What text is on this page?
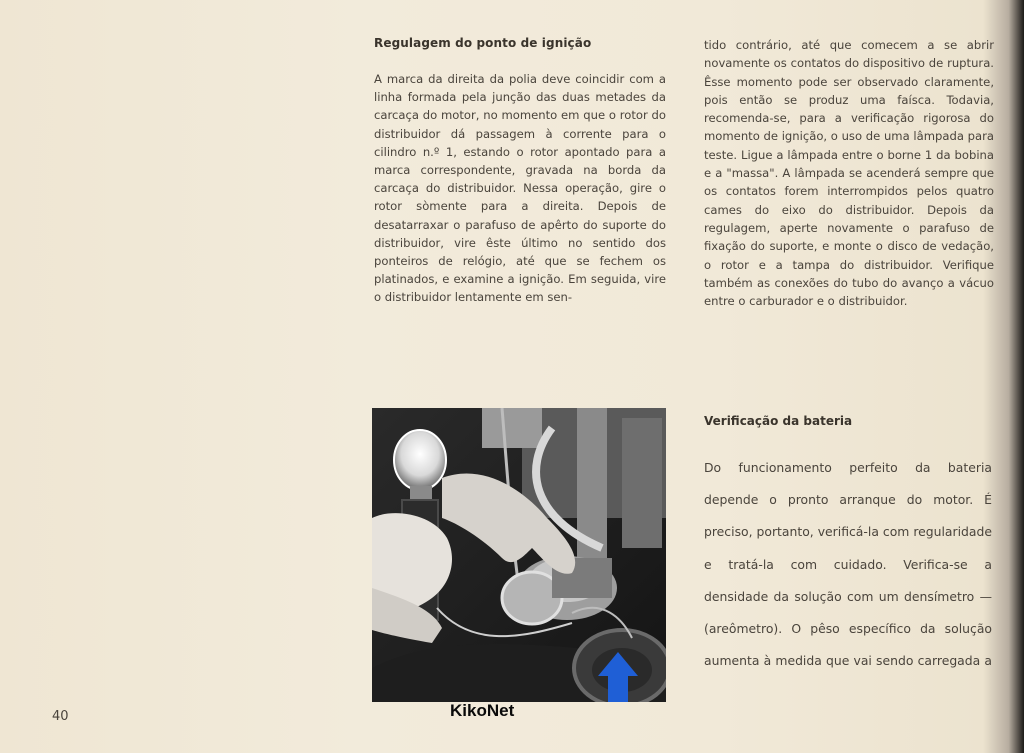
Regulagem do ponto de ignição

A marca da direita da polia deve coincidir com a linha formada pela junção das duas metades da carcaça do motor, no momento em que o rotor do distribuidor dá passagem à corrente para o cilindro n.º 1, estando o rotor apontado para a marca correspondente, gravada na borda da carcaça do distribuidor. Nessa operação, gire o rotor sòmente para a direita. Depois de desatarraxar o parafuso de apêrto do suporte do distribuidor, vire êste último no sentido dos ponteiros de relógio, até que se fechem os platinados, e examine a ignição. Em seguida, vire o distribuidor lentamente em sen-

tido contrário, até que comecem a se abrir novamente os contatos do dispositivo de ruptura. Êsse momento pode ser observado claramente, pois então se produz uma faísca. Todavia, recomenda-se, para a verificação rigorosa do momento de ignição, o uso de uma lâmpada para teste. Ligue a lâmpada entre o borne 1 da bobina e a "massa". A lâmpada se acenderá sempre que os contatos forem interrompidos pelos quatro cames do eixo do distribuidor. Depois da regulagem, aperte novamente o parafuso de fixação do suporte, e monte o disco de vedação, o rotor e a tampa do distribuidor. Verifique também as conexões do tubo do avanço a vácuo entre o carburador e o distribuidor.

Verificação da bateria

Do funcionamento perfeito da bateria depende o pronto arranque do motor. É preciso, portanto, verificá-la com regularidade e tratá-la com cuidado. Verifica-se a densidade da solução com um densímetro — (areômetro). O pêso específico da solução aumenta à medida que vai sendo carregada a

40	KikoNet
